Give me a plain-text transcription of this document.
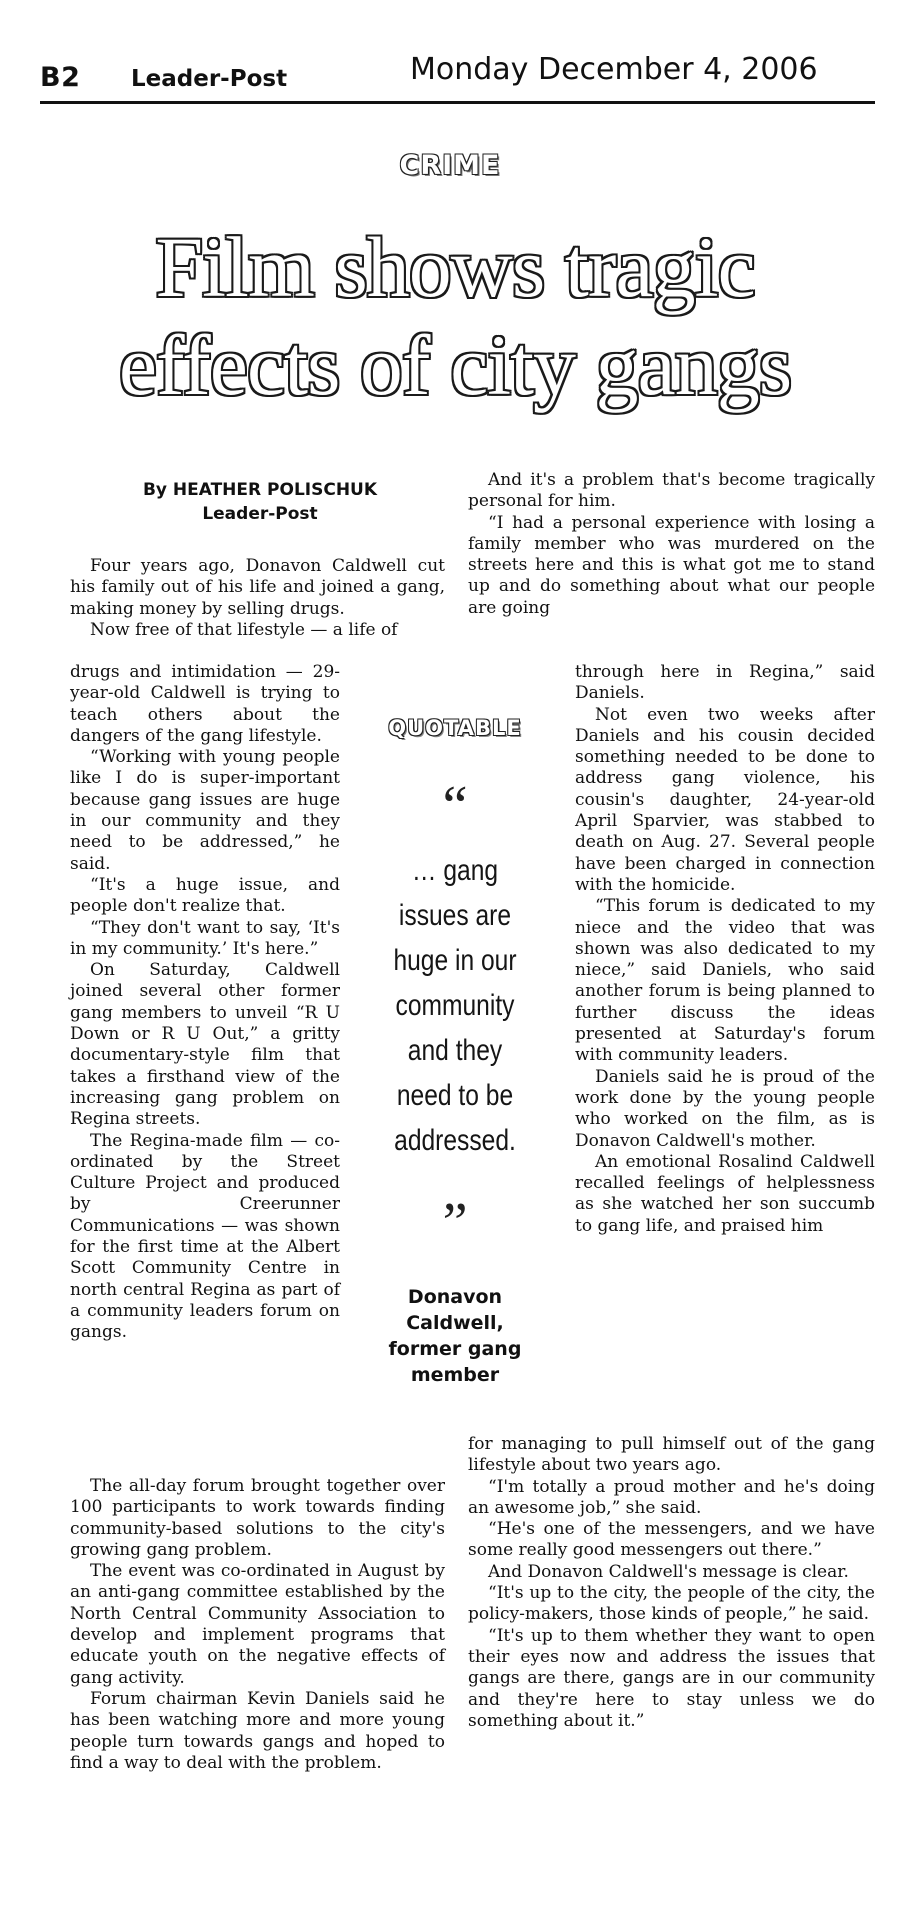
B2 Leader-Post	Monday December 4, 2006
CRIME
Film shows tragic effects of city gangs
By HEATHER POLISCHUK
Leader-Post

Four years ago, Donavon Caldwell cut his family out of his life and joined a gang, making money by selling drugs.

Now free of that lifestyle — a life of

drugs and intimidation — 29-year-old Caldwell is trying to teach others about the dangers of the gang lifestyle.

“Working with young people like I do is super-important because gang issues are huge in our community and they need to be addressed,” he said.

“It's a huge issue, and people don't realize that.

“They don't want to say, ‘It's in my community.’ It's here.”

On Saturday, Caldwell joined several other former gang members to unveil “R U Down or R U Out,” a gritty documentary-style film that takes a firsthand view of the increasing gang problem on Regina streets.

The Regina-made film — co-ordinated by the Street Culture Project and produced by Creerunner Communications — was shown for the first time at the Albert Scott Community Centre in north central Regina as part of a community leaders forum on gangs.

The all-day forum brought together over 100 participants to work towards finding community-based solutions to the city's growing gang problem.

The event was co-ordinated in August by an anti-gang committee established by the North Central Community Association to develop and implement programs that educate youth on the negative effects of gang activity.

Forum chairman Kevin Daniels said he has been watching more and more young people turn towards gangs and hoped to find a way to deal with the problem.

QUOTABLE
“
… gang issues are huge in our community and they need to be addressed.
”
Donavon Caldwell,
former gang member

And it's a problem that's become tragically personal for him.

“I had a personal experience with losing a family member who was murdered on the streets here and this is what got me to stand up and do something about what our people are going

through here in Regina,” said Daniels.

Not even two weeks after Daniels and his cousin decided something needed to be done to address gang violence, his cousin's daughter, 24-year-old April Sparvier, was stabbed to death on Aug. 27. Several people have been charged in connection with the homicide.

“This forum is dedicated to my niece and the video that was shown was also dedicated to my niece,” said Daniels, who said another forum is being planned to further discuss the ideas presented at Saturday's forum with community leaders.

Daniels said he is proud of the work done by the young people who worked on the film, as is Donavon Caldwell's mother.

An emotional Rosalind Caldwell recalled feelings of helplessness as she watched her son succumb to gang life, and praised him

for managing to pull himself out of the gang lifestyle about two years ago.

“I'm totally a proud mother and he's doing an awesome job,” she said.

“He's one of the messengers, and we have some really good messengers out there.”

And Donavon Caldwell's message is clear.

“It's up to the city, the people of the city, the policy-makers, those kinds of people,” he said.

“It's up to them whether they want to open their eyes now and address the issues that gangs are there, gangs are in our community and they're here to stay unless we do something about it.”
